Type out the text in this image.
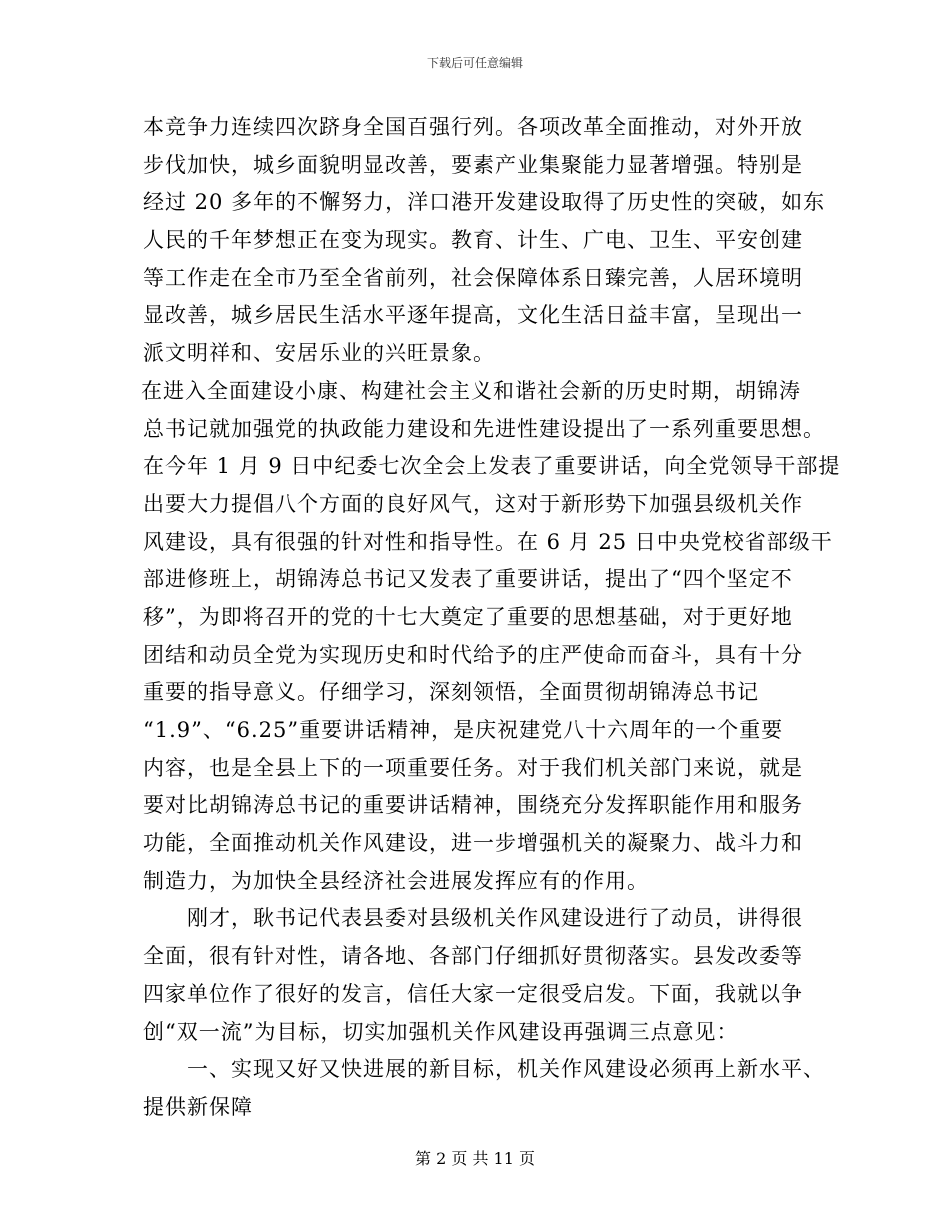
下载后可任意编辑
本竞争力连续四次跻身全国百强行列。各项改革全面推动，对外开放
步伐加快，城乡面貌明显改善，要素产业集聚能力显著增强。特别是
经过 20 多年的不懈努力，洋口港开发建设取得了历史性的突破，如东
人民的千年梦想正在变为现实。教育、计生、广电、卫生、平安创建
等工作走在全市乃至全省前列，社会保障体系日臻完善，人居环境明
显改善，城乡居民生活水平逐年提高，文化生活日益丰富，呈现出一
派文明祥和、安居乐业的兴旺景象。
在进入全面建设小康、构建社会主义和谐社会新的历史时期，胡锦涛
总书记就加强党的执政能力建设和先进性建设提出了一系列重要思想。
在今年 1 月 9 日中纪委七次全会上发表了重要讲话，向全党领导干部提
出要大力提倡八个方面的良好风气，这对于新形势下加强县级机关作
风建设，具有很强的针对性和指导性。在 6 月 25 日中央党校省部级干
部进修班上，胡锦涛总书记又发表了重要讲话，提出了“四个坚定不
移”，为即将召开的党的十七大奠定了重要的思想基础，对于更好地
团结和动员全党为实现历史和时代给予的庄严使命而奋斗，具有十分
重要的指导意义。仔细学习，深刻领悟，全面贯彻胡锦涛总书记
“1.9”、“6.25”重要讲话精神，是庆祝建党八十六周年的一个重要
内容，也是全县上下的一项重要任务。对于我们机关部门来说，就是
要对比胡锦涛总书记的重要讲话精神，围绕充分发挥职能作用和服务
功能，全面推动机关作风建设，进一步增强机关的凝聚力、战斗力和
制造力，为加快全县经济社会进展发挥应有的作用。
刚才，耿书记代表县委对县级机关作风建设进行了动员，讲得很
全面，很有针对性，请各地、各部门仔细抓好贯彻落实。县发改委等
四家单位作了很好的发言，信任大家一定很受启发。下面，我就以争
创“双一流”为目标，切实加强机关作风建设再强调三点意见：
一、实现又好又快进展的新目标，机关作风建设必须再上新水平、
提供新保障
第 2 页 共 11 页
